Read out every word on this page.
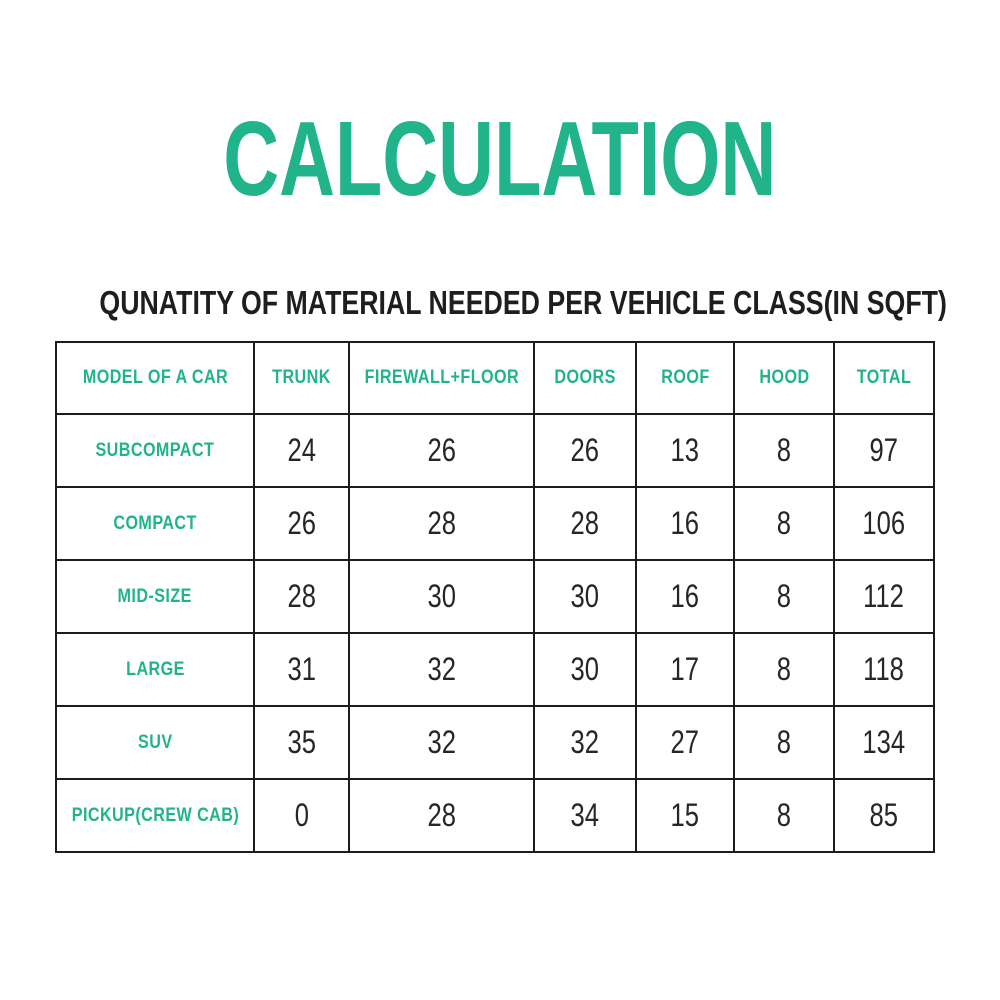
CALCULATION
QUNATITY OF MATERIAL NEEDED PER VEHICLE CLASS(IN SQFT)
MODEL OF A CAR	TRUNK	FIREWALL+FLOOR	DOORS	ROOF	HOOD	TOTAL
SUBCOMPACT	24	26	26	13	8	97
COMPACT	26	28	28	16	8	106
MID-SIZE	28	30	30	16	8	112
LARGE	31	32	30	17	8	118
SUV	35	32	32	27	8	134
PICKUP(CREW CAB)	0	28	34	15	8	85
